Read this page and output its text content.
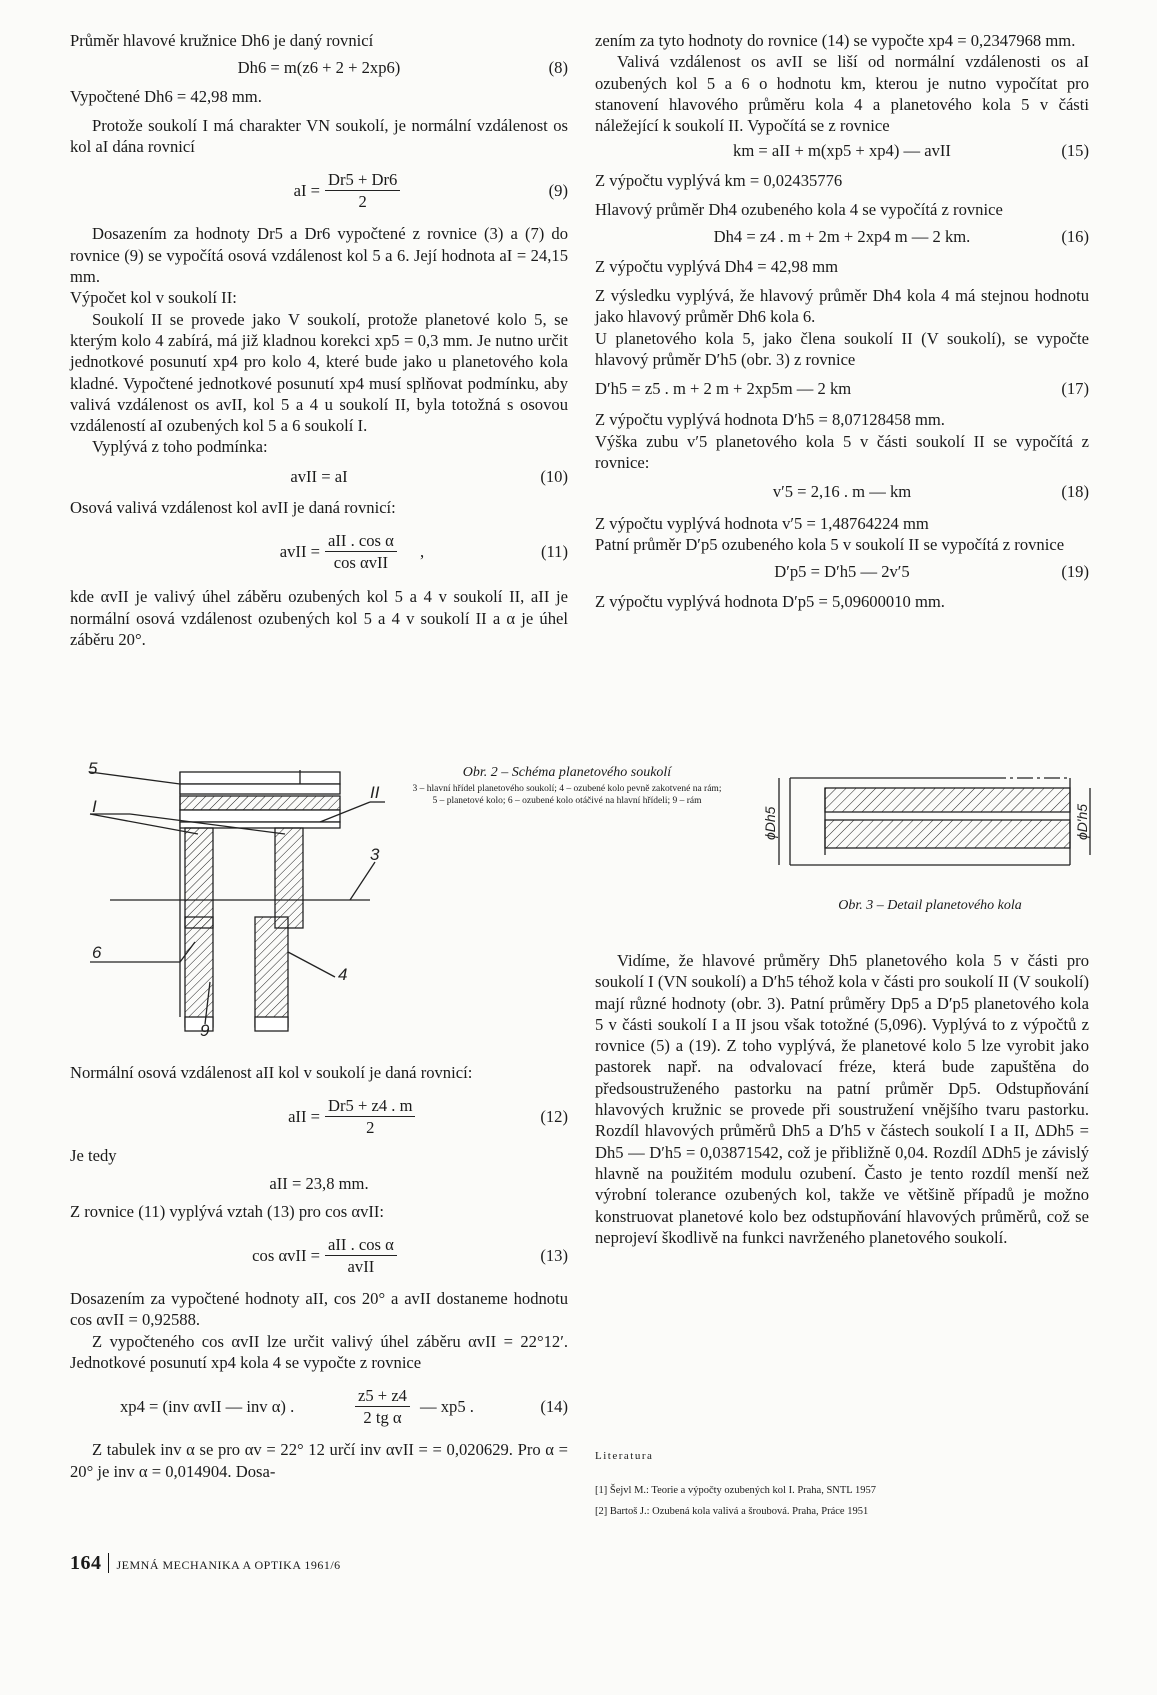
Průměr hlavové kružnice Dh6 je daný rovnicí

Dh6 = m(z6 + 2 + 2xp6)	(8)

Vypočtené Dh6 = 42,98 mm.

Protože soukolí I má charakter VN soukolí, je normální vzdálenost os kol aI dána rovnicí

aI = $\frac{Dr5 + Dr6}{2}$	(9)

Dosazením za hodnoty Dr5 a Dr6 vypočtené z rovnice (3) a (7) do rovnice (9) se vypočítá osová vzdálenost kol 5 a 6. Její hodnota aI = 24,15 mm.

Výpočet kol v soukolí II:

Soukolí II se provede jako V soukolí, protože planetové kolo 5, se kterým kolo 4 zabírá, má již kladnou korekci xp5 = 0,3 mm. Je nutno určit jednotkové posunutí xp4 pro kolo 4, které bude jako u planetového kola kladné. Vypočtené jednotkové posunutí xp4 musí splňovat podmínku, aby valivá vzdálenost os avII, kol 5 a 4 u soukolí II, byla totožná s osovou vzdáleností aI ozubených kol 5 a 6 soukolí I.

Vyplývá z toho podmínka:

avII = aI	(10)

Osová valivá vzdálenost kol avII je daná rovnicí:

avII =
aII . cos α
cos αvII
,	(11)

kde αvII je valivý úhel záběru ozubených kol 5 a 4 v soukolí II, aII je normální osová vzdálenost ozubených kol 5 a 4 v soukolí II a α je úhel záběru 20°.

5
I
II
3
6
4
9
Obr. 2 – Schéma planetového soukolí
3 – hlavní hřídel planetového soukolí; 4 – ozubené kolo pevně zakotvené na rám; 5 – planetové kolo; 6 – ozubené kolo otáčivé na hlavní hřídeli; 9 – rám
ϕDh5	ϕD′h5
Obr. 3 – Detail planetového kola

Normální osová vzdálenost aII kol v soukolí je daná rovnicí:

aII = $\frac{Dr5 + z4 . m}{2}$	(12)

Je tedy

aII = 23,8 mm.

Z rovnice (11) vyplývá vztah (13) pro cos αvII:

cos αvII =
aII . cos α
avII
(13)

Dosazením za vypočtené hodnoty aII, cos 20° a avII dostaneme hodnotu cos αvII = 0,92588.

Z vypočteného cos αvII lze určit valivý úhel záběru αvII = 22°12′. Jednotkové posunutí xp4 kola 4 se vypočte z rovnice

xp4 = (inv αvII — inv α) .	$\frac{z5 + z4}{\text{2 tg α}}$ — xp5 .	(14)

Z tabulek inv α se pro αv = 22° 12 určí inv αvII = = 0,020629. Pro α = 20° je inv α = 0,014904. Dosa-

zením za tyto hodnoty do rovnice (14) se vypočte xp4 = 0,2347968 mm.

Valivá vzdálenost os avII se liší od normální vzdálenosti os aI ozubených kol 5 a 6 o hodnotu km, kterou je nutno vypočítat pro stanovení hlavového průměru kola 4 a planetového kola 5 v části náležející k soukolí II. Vypočítá se z rovnice

km = aII + m(xp5 + xp4) — avII	(15)

Z výpočtu vyplývá km = 0,02435776

Hlavový průměr Dh4 ozubeného kola 4 se vypočítá z rovnice

Dh4 = z4 . m + 2m + 2xp4 m — 2 km.	(16)

Z výpočtu vyplývá Dh4 = 42,98 mm

Z výsledku vyplývá, že hlavový průměr Dh4 kola 4 má stejnou hodnotu jako hlavový průměr Dh6 kola 6.

U planetového kola 5, jako člena soukolí II (V soukolí), se vypočte hlavový průměr D′h5 (obr. 3) z rovnice

D′h5 = z5 . m + 2 m + 2xp5m — 2 km	(17)

Z výpočtu vyplývá hodnota D′h5 = 8,07128458 mm.

Výška zubu v′5 planetového kola 5 v části soukolí II se vypočítá z rovnice:

v′5 = 2,16 . m — km	(18)

Z výpočtu vyplývá hodnota v′5 = 1,48764224 mm

Patní průměr D′p5 ozubeného kola 5 v soukolí II se vypočítá z rovnice

D′p5 = D′h5 — 2v′5	(19)

Z výpočtu vyplývá hodnota D′p5 = 5,09600010 mm.

Vidíme, že hlavové průměry Dh5 planetového kola 5 v části pro soukolí I (VN soukolí) a D′h5 téhož kola v části pro soukolí II (V soukolí) mají různé hodnoty (obr. 3). Patní průměry Dp5 a D′p5 planetového kola 5 v části soukolí I a II jsou však totožné (5,096). Vyplývá to z výpočtů z rovnice (5) a (19). Z toho vyplývá, že planetové kolo 5 lze vyrobit jako pastorek např. na odvalovací fréze, která bude zapuštěna do předsoustruženého pastorku na patní průměr Dp5. Odstupňování hlavových kružnic se provede při soustružení vnějšího tvaru pastorku. Rozdíl hlavových průměrů Dh5 a D′h5 v částech soukolí I a II, ΔDh5 = Dh5 — D′h5 = 0,03871542, což je přibližně 0,04. Rozdíl ΔDh5 je závislý hlavně na použitém modulu ozubení. Často je tento rozdíl menší než výrobní tolerance ozubených kol, takže ve většině případů je možno konstruovat planetové kolo bez odstupňování hlavových průměrů, což se neprojeví škodlivě na funkci navrženého planetového soukolí.

Literatura
[1] Šejvl M.: Teorie a výpočty ozubených kol I. Praha, SNTL 1957
[2] Bartoš J.: Ozubená kola valivá a šroubová. Praha, Práce 1951
164 JEMNÁ MECHANIKA A OPTIKA 1961/6
